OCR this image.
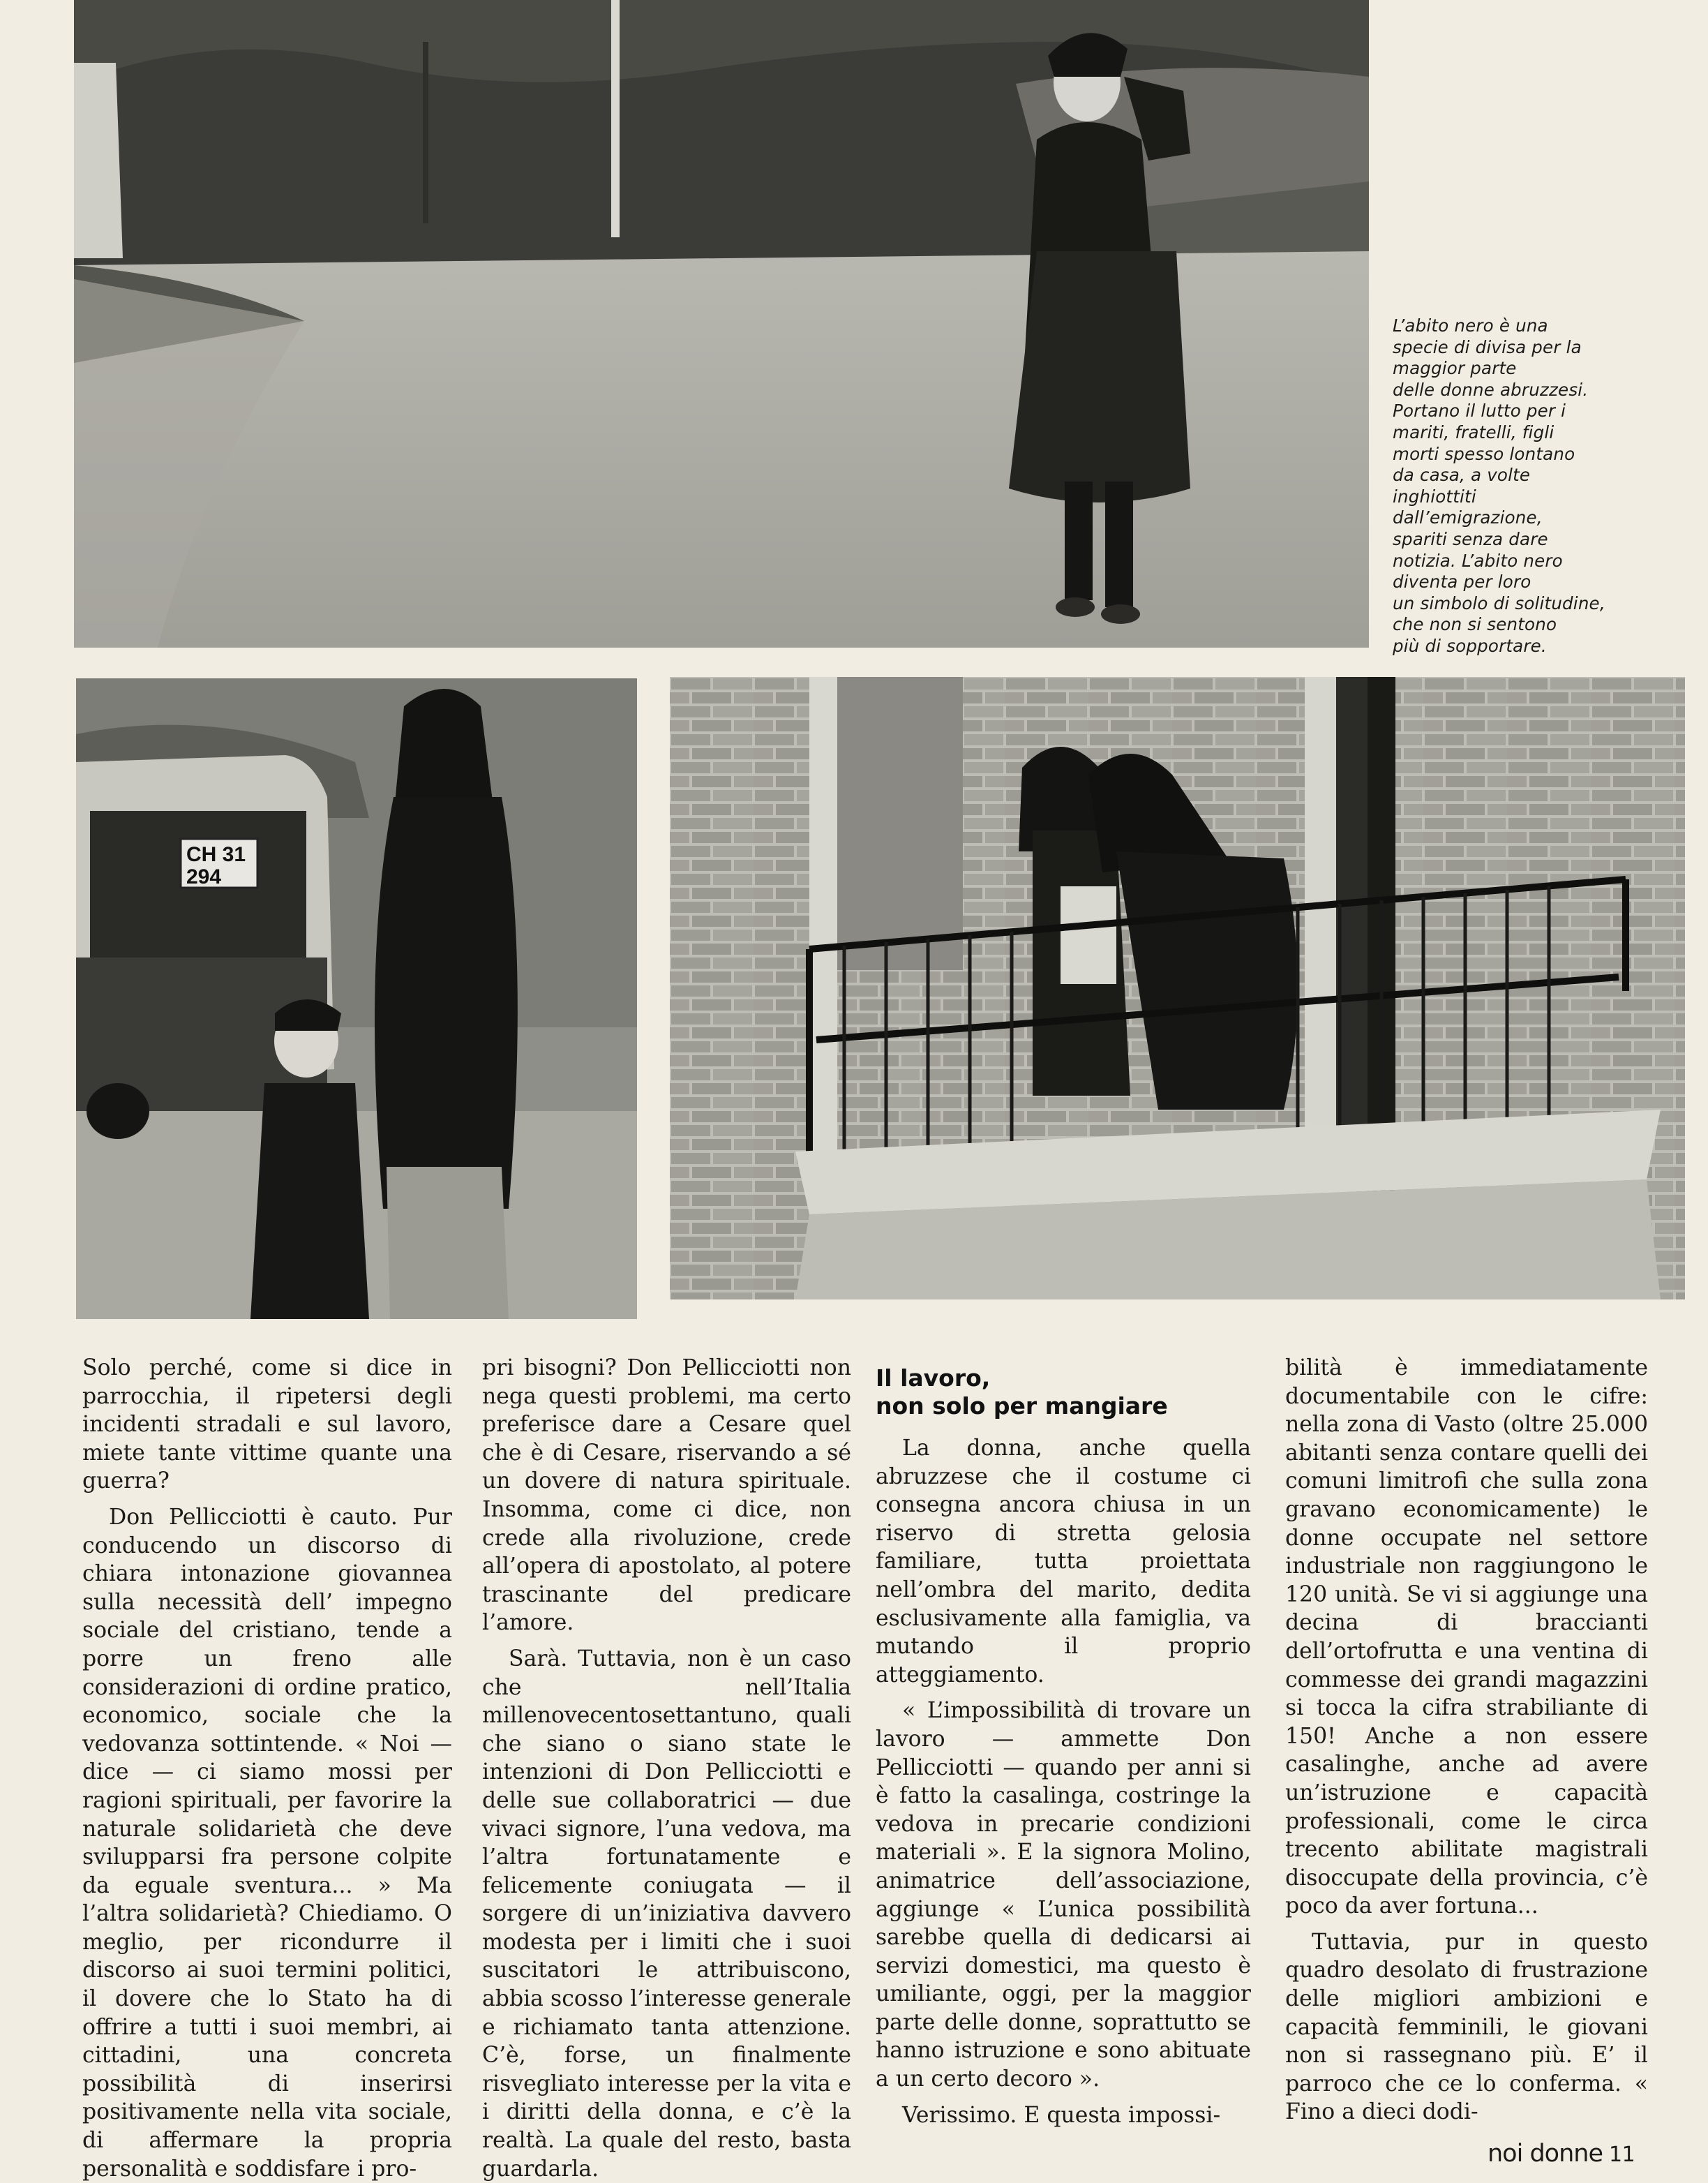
L’abito nero è una
specie di divisa per la
maggior parte
delle donne abruzzesi.
Portano il lutto per i
mariti, fratelli, figli
morti spesso lontano
da casa, a volte
inghiottiti
dall’emigrazione,
spariti senza dare
notizia. L’abito nero
diventa per loro
un simbolo di solitudine,
che non si sentono
più di sopportare.
CH 31
294

Solo perché, come si dice in parrocchia, il ripetersi degli incidenti stradali e sul lavoro, miete tante vittime quante una guerra?

Don Pellicciotti è cauto. Pur conducendo un discorso di chiara intonazione giovannea sulla necessità dell’ impegno sociale del cristiano, tende a porre un freno alle considerazioni di ordine pratico, economico, sociale che la vedovanza sottintende. « Noi — dice — ci siamo mossi per ragioni spirituali, per favorire la naturale solidarietà che deve svilupparsi fra persone colpite da eguale sventura... » Ma l’altra solidarietà? Chiediamo. O meglio, per ricondurre il discorso ai suoi termini politici, il dovere che lo Stato ha di offrire a tutti i suoi membri, ai cittadini, una concreta possibilità di inserirsi positivamente nella vita sociale, di affermare la propria personalità e soddisfare i pro-

pri bisogni? Don Pellicciotti non nega questi problemi, ma certo preferisce dare a Cesare quel che è di Cesare, riservando a sé un dovere di natura spirituale. Insomma, come ci dice, non crede alla rivoluzione, crede all’opera di apostolato, al potere trascinante del predicare l’amore.

Sarà. Tuttavia, non è un caso che nell’Italia millenovecentosettantuno, quali che siano o siano state le intenzioni di Don Pellicciotti e delle sue collaboratrici — due vivaci signore, l’una vedova, ma l’altra fortunatamente e felicemente coniugata — il sorgere di un’iniziativa davvero modesta per i limiti che i suoi suscitatori le attribuiscono, abbia scosso l’interesse generale e richiamato tanta attenzione. C’è, forse, un finalmente risvegliato interesse per la vita e i diritti della donna, e c’è la realtà. La quale del resto, basta guardarla.

Il lavoro,
non solo per mangiare

La donna, anche quella abruzzese che il costume ci consegna ancora chiusa in un riservo di stretta gelosia familiare, tutta proiettata nell’ombra del marito, dedita esclusivamente alla famiglia, va mutando il proprio atteggiamento.

« L’impossibilità di trovare un lavoro — ammette Don Pellicciotti — quando per anni si è fatto la casalinga, costringe la vedova in precarie condizioni materiali ». E la signora Molino, animatrice dell’associazione, aggiunge « L’unica possibilità sarebbe quella di dedicarsi ai servizi domestici, ma questo è umiliante, oggi, per la maggior parte delle donne, soprattutto se hanno istruzione e sono abituate a un certo decoro ».

Verissimo. E questa impossi-

bilità è immediatamente documentabile con le cifre: nella zona di Vasto (oltre 25.000 abitanti senza contare quelli dei comuni limitrofi che sulla zona gravano economicamente) le donne occupate nel settore industriale non raggiungono le 120 unità. Se vi si aggiunge una decina di braccianti dell’ortofrutta e una ventina di commesse dei grandi magazzini si tocca la cifra strabiliante di 150! Anche a non essere casalinghe, anche ad avere un’istruzione e capacità professionali, come le circa trecento abilitate magistrali disoccupate della provincia, c’è poco da aver fortuna...

Tuttavia, pur in questo quadro desolato di frustrazione delle migliori ambizioni e capacità femminili, le giovani non si rassegnano più. E’ il parroco che ce lo conferma. « Fino a dieci dodi-

noi donne 11
